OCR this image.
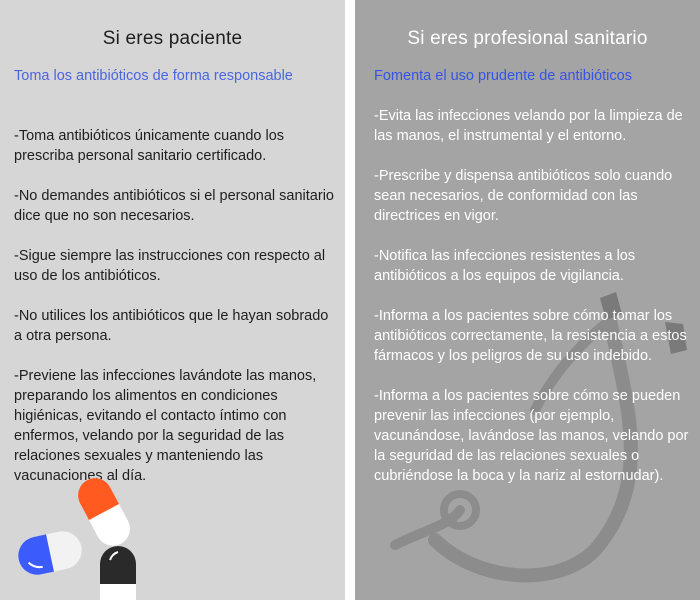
Si eres paciente
Toma los antibióticos de forma responsable

-Toma antibióticos únicamente cuando los prescriba personal sanitario certificado.

-No demandes antibióticos si el personal sanitario dice que no son necesarios.

-Sigue siempre las instrucciones con respecto al uso de los antibióticos.

-No utilices los antibióticos que le hayan sobrado a otra persona.

-Previene las infecciones lavándote las manos, preparando los alimentos en condiciones higiénicas, evitando el contacto íntimo con enfermos, velando por la seguridad de las relaciones sexuales y manteniendo las vacunaciones al día.

Si eres profesional sanitario
Fomenta el uso prudente de antibióticos

-Evita las infecciones velando por la limpieza de las manos, el instrumental y el entorno.

-Prescribe y dispensa antibióticos solo cuando sean necesarios, de conformidad con las directrices en vigor.

-Notifica las infecciones resistentes a los antibióticos a los equipos de vigilancia.

-Informa a los pacientes sobre cómo tomar los antibióticos correctamente, la resistencia a estos fármacos y los peligros de su uso indebido.

-Informa a los pacientes sobre cómo se pueden prevenir las infecciones (por ejemplo, vacunándose, lavándose las manos, velando por la seguridad de las relaciones sexuales o cubriéndose la boca y la nariz al estornudar).
